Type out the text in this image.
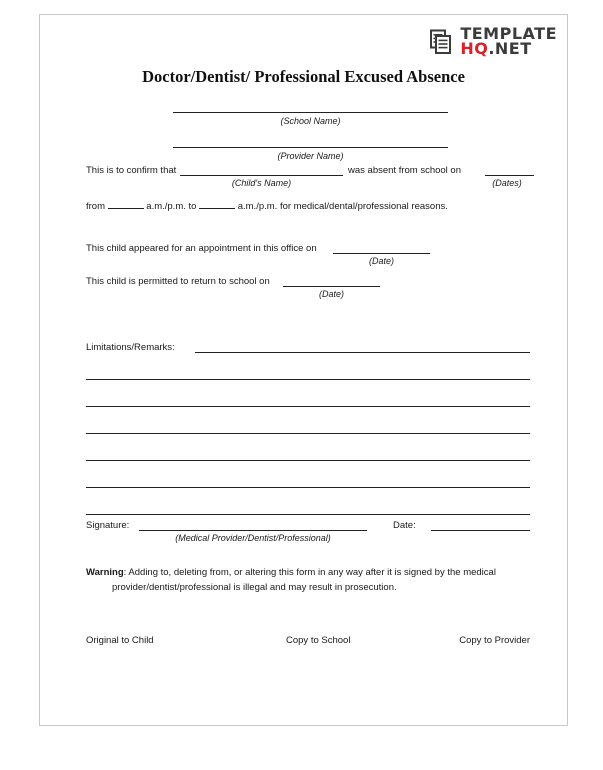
TEMPLATE
HQ.NET
Doctor/Dentist/ Professional Excused Absence
(School Name)
(Provider Name)
This is to confirm that
(Child's Name)
was absent from school on
(Dates)
from	a.m./p.m. to	a.m./p.m. for medical/dental/professional reasons.
This child appeared for an appointment in this office on
(Date)
This child is permitted to return to school on
(Date)
Limitations/Remarks:
Signature:
(Medical Provider/Dentist/Professional)
Date:
Warning: Adding to, deleting from, or altering this form in any way after it is signed by the medical
provider/dentist/professional is illegal and may result in prosecution.
Original to Child	Copy to School	Copy to Provider
